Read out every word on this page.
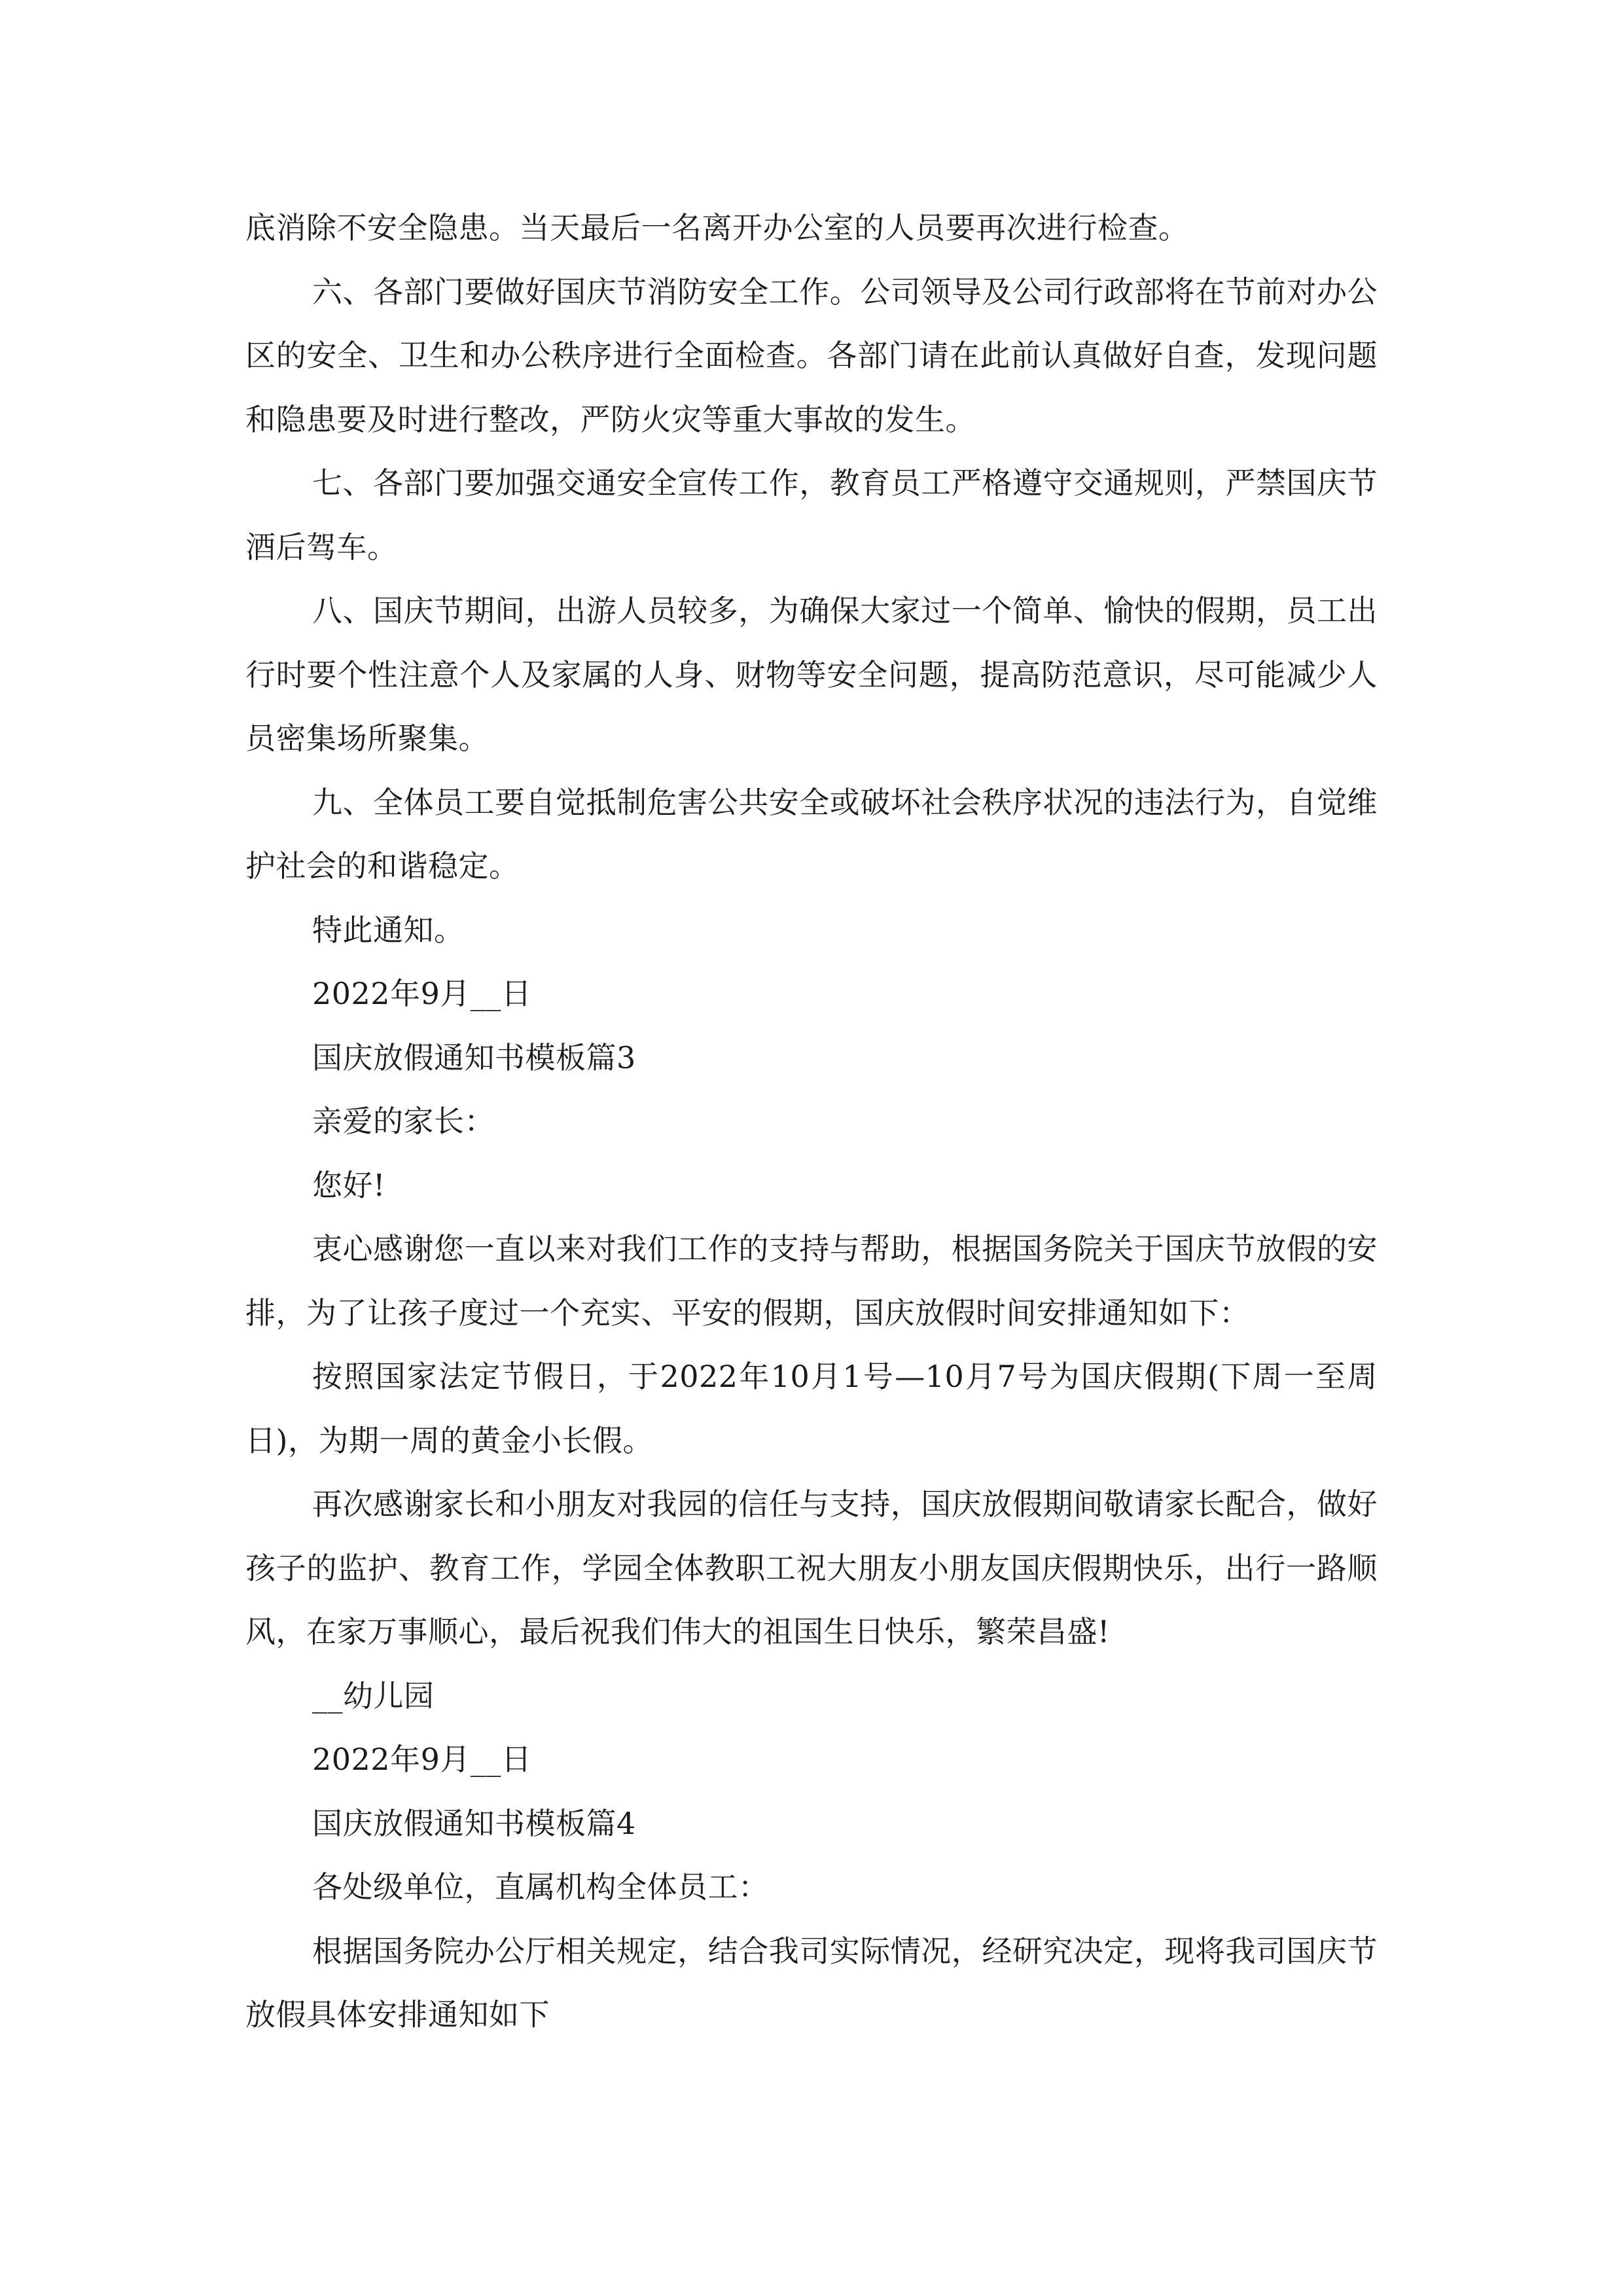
底消除不安全隐患。当天最后一名离开办公室的人员要再次进行检查。

六、各部门要做好国庆节消防安全工作。公司领导及公司行政部将在节前对办公区的安全、卫生和办公秩序进行全面检查。各部门请在此前认真做好自查，发现问题和隐患要及时进行整改，严防火灾等重大事故的发生。

七、各部门要加强交通安全宣传工作，教育员工严格遵守交通规则，严禁国庆节酒后驾车。

八、国庆节期间，出游人员较多，为确保大家过一个简单、愉快的假期，员工出行时要个性注意个人及家属的人身、财物等安全问题，提高防范意识，尽可能减少人员密集场所聚集。

九、全体员工要自觉抵制危害公共安全或破坏社会秩序状况的违法行为，自觉维护社会的和谐稳定。

特此通知。

2022年9月__日

国庆放假通知书模板篇3

亲爱的家长：

您好!

衷心感谢您一直以来对我们工作的支持与帮助，根据国务院关于国庆节放假的安排，为了让孩子度过一个充实、平安的假期，国庆放假时间安排通知如下：

按照国家法定节假日，于2022年10月1号—10月7号为国庆假期(下周一至周日)，为期一周的黄金小长假。

再次感谢家长和小朋友对我园的信任与支持，国庆放假期间敬请家长配合，做好孩子的监护、教育工作，学园全体教职工祝大朋友小朋友国庆假期快乐，出行一路顺风，在家万事顺心，最后祝我们伟大的祖国生日快乐，繁荣昌盛!

__幼儿园

2022年9月__日

国庆放假通知书模板篇4

各处级单位，直属机构全体员工：

根据国务院办公厅相关规定，结合我司实际情况，经研究决定，现将我司国庆节放假具体安排通知如下
